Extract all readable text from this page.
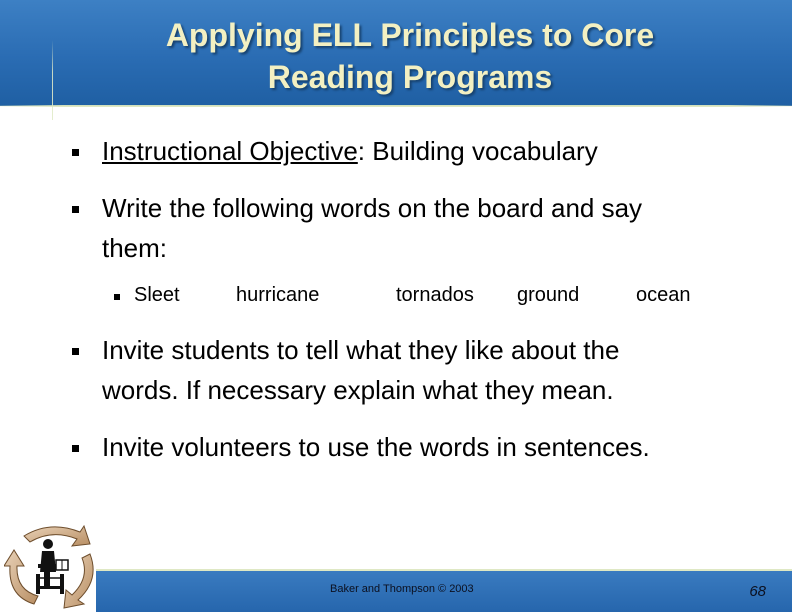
Applying ELL Principles to Core
Reading Programs
Instructional Objective: Building vocabulary
Write the following words on the board and say
them:
Sleet	hurricane	tornados ground	ocean
Invite students to tell what they like about the
words. If necessary explain what they mean.
Invite volunteers to use the words in sentences.
Baker and Thompson © 2003	68
